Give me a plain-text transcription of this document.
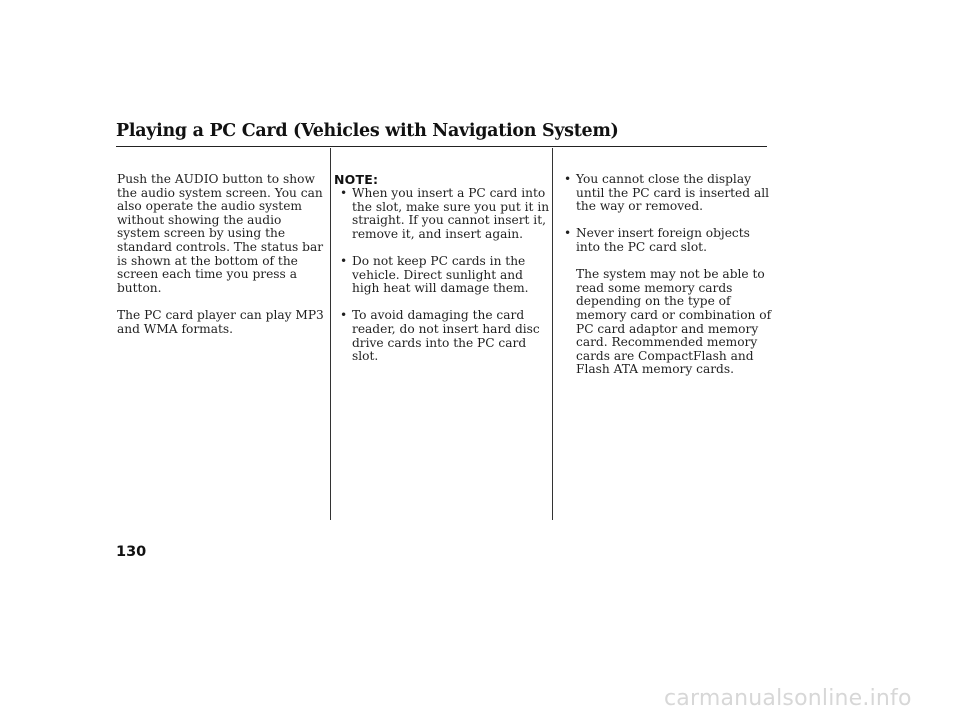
Playing a PC Card (Vehicles with Navigation System)

Push the AUDIO button to show the audio system screen. You can also operate the audio system without showing the audio system screen by using the standard controls. The status bar is shown at the bottom of the screen each time you press a button.

The PC card player can play MP3 and WMA formats.

NOTE:
• When you insert a PC card into the slot, make sure you put it in straight. If you cannot insert it, remove it, and insert again.
• Do not keep PC cards in the vehicle. Direct sunlight and high heat will damage them.
• To avoid damaging the card reader, do not insert hard disc drive cards into the PC card slot.
• You cannot close the display until the PC card is inserted all the way or removed.
• Never insert foreign objects into the PC card slot.

The system may not be able to read some memory cards depending on the type of memory card or combination of PC card adaptor and memory card. Recommended memory cards are CompactFlash and Flash ATA memory cards.

130
carmanualsonline.info
